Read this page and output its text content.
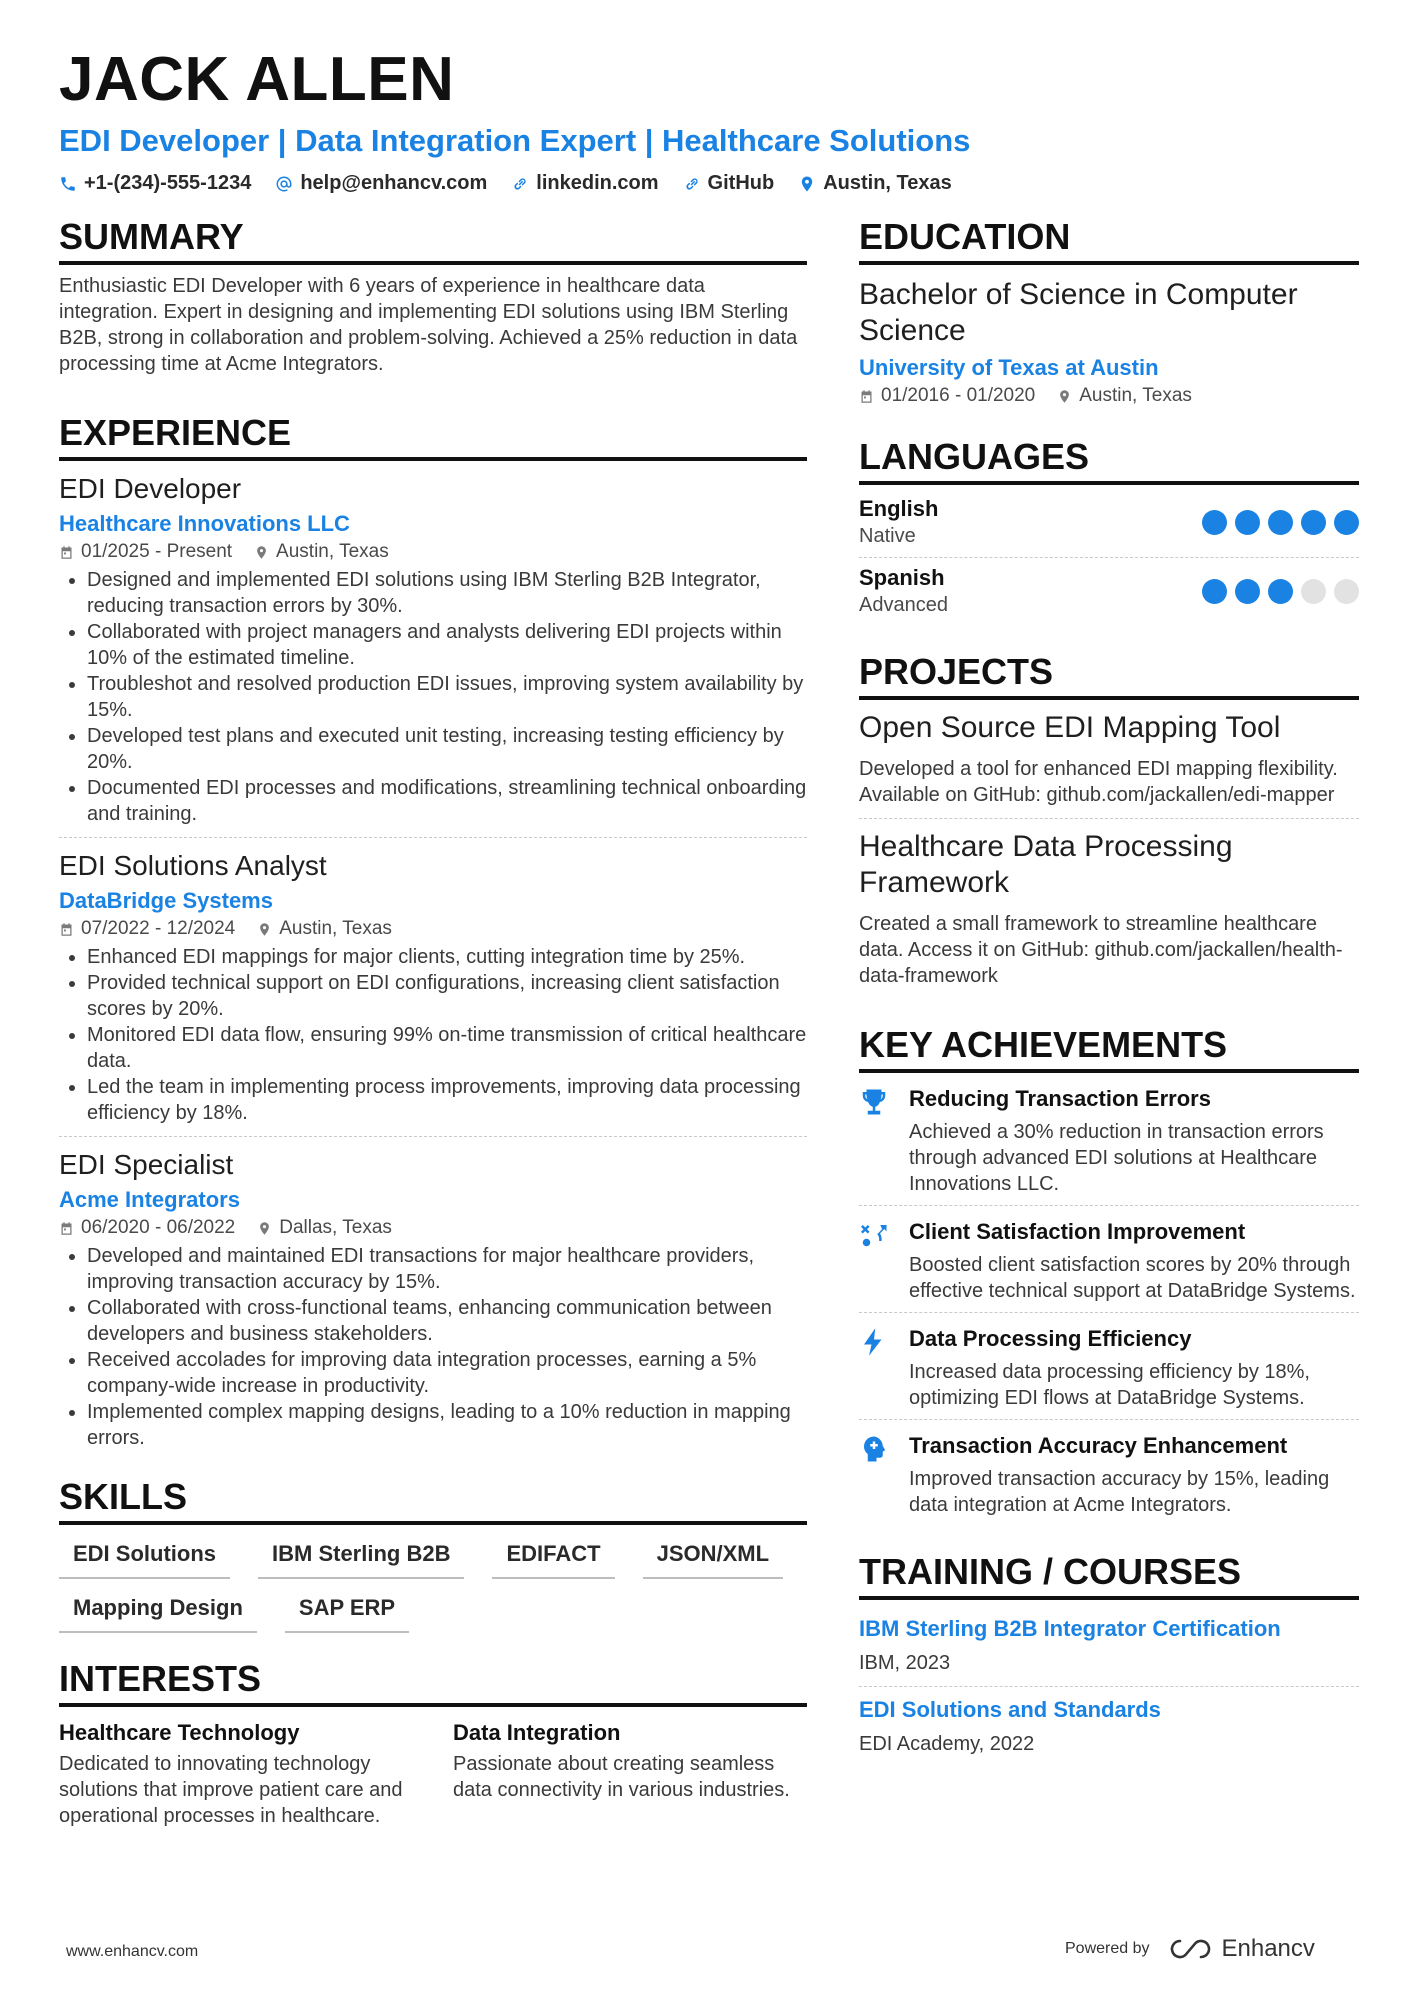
JACK ALLEN
EDI Developer | Data Integration Expert | Healthcare Solutions
+1-(234)-555-1234 help@enhancv.com linkedin.com GitHub Austin, Texas
SUMMARY
Enthusiastic EDI Developer with 6 years of experience in healthcare data integration. Expert in designing and implementing EDI solutions using IBM Sterling B2B, strong in collaboration and problem-solving. Achieved a 25% reduction in data processing time at Acme Integrators.
EXPERIENCE
EDI Developer
Healthcare Innovations LLC
01/2025 - Present Austin, Texas
• Designed and implemented EDI solutions using IBM Sterling B2B Integrator, reducing transaction errors by 30%.
• Collaborated with project managers and analysts delivering EDI projects within 10% of the estimated timeline.
• Troubleshot and resolved production EDI issues, improving system availability by 15%.
• Developed test plans and executed unit testing, increasing testing efficiency by 20%.
• Documented EDI processes and modifications, streamlining technical onboarding and training.
EDI Solutions Analyst
DataBridge Systems
07/2022 - 12/2024 Austin, Texas
• Enhanced EDI mappings for major clients, cutting integration time by 25%.
• Provided technical support on EDI configurations, increasing client satisfaction scores by 20%.
• Monitored EDI data flow, ensuring 99% on-time transmission of critical healthcare data.
• Led the team in implementing process improvements, improving data processing efficiency by 18%.
EDI Specialist
Acme Integrators
06/2020 - 06/2022 Dallas, Texas
• Developed and maintained EDI transactions for major healthcare providers, improving transaction accuracy by 15%.
• Collaborated with cross-functional teams, enhancing communication between developers and business stakeholders.
• Received accolades for improving data integration processes, earning a 5% company-wide increase in productivity.
• Implemented complex mapping designs, leading to a 10% reduction in mapping errors.
SKILLS
EDI Solutions	IBM Sterling B2B	EDIFACT	JSON/XML
Mapping Design	SAP ERP
INTERESTS
Healthcare Technology
Dedicated to innovating technology solutions that improve patient care and operational processes in healthcare.
Data Integration
Passionate about creating seamless data connectivity in various industries.
EDUCATION
Bachelor of Science in Computer Science
University of Texas at Austin
01/2016 - 01/2020 Austin, Texas
LANGUAGES
English
Native
Spanish
Advanced
PROJECTS
Open Source EDI Mapping Tool
Developed a tool for enhanced EDI mapping flexibility. Available on GitHub: github.com/jackallen/edi-mapper
Healthcare Data Processing Framework
Created a small framework to streamline healthcare data. Access it on GitHub: github.com/jackallen/health-data-framework
KEY ACHIEVEMENTS
Reducing Transaction Errors
Achieved a 30% reduction in transaction errors through advanced EDI solutions at Healthcare Innovations LLC.
Client Satisfaction Improvement
Boosted client satisfaction scores by 20% through effective technical support at DataBridge Systems.
Data Processing Efficiency
Increased data processing efficiency by 18%, optimizing EDI flows at DataBridge Systems.
Transaction Accuracy Enhancement
Improved transaction accuracy by 15%, leading data integration at Acme Integrators.
TRAINING / COURSES
IBM Sterling B2B Integrator Certification
IBM, 2023
EDI Solutions and Standards
EDI Academy, 2022
www.enhancv.com	Powered by	Enhancv
